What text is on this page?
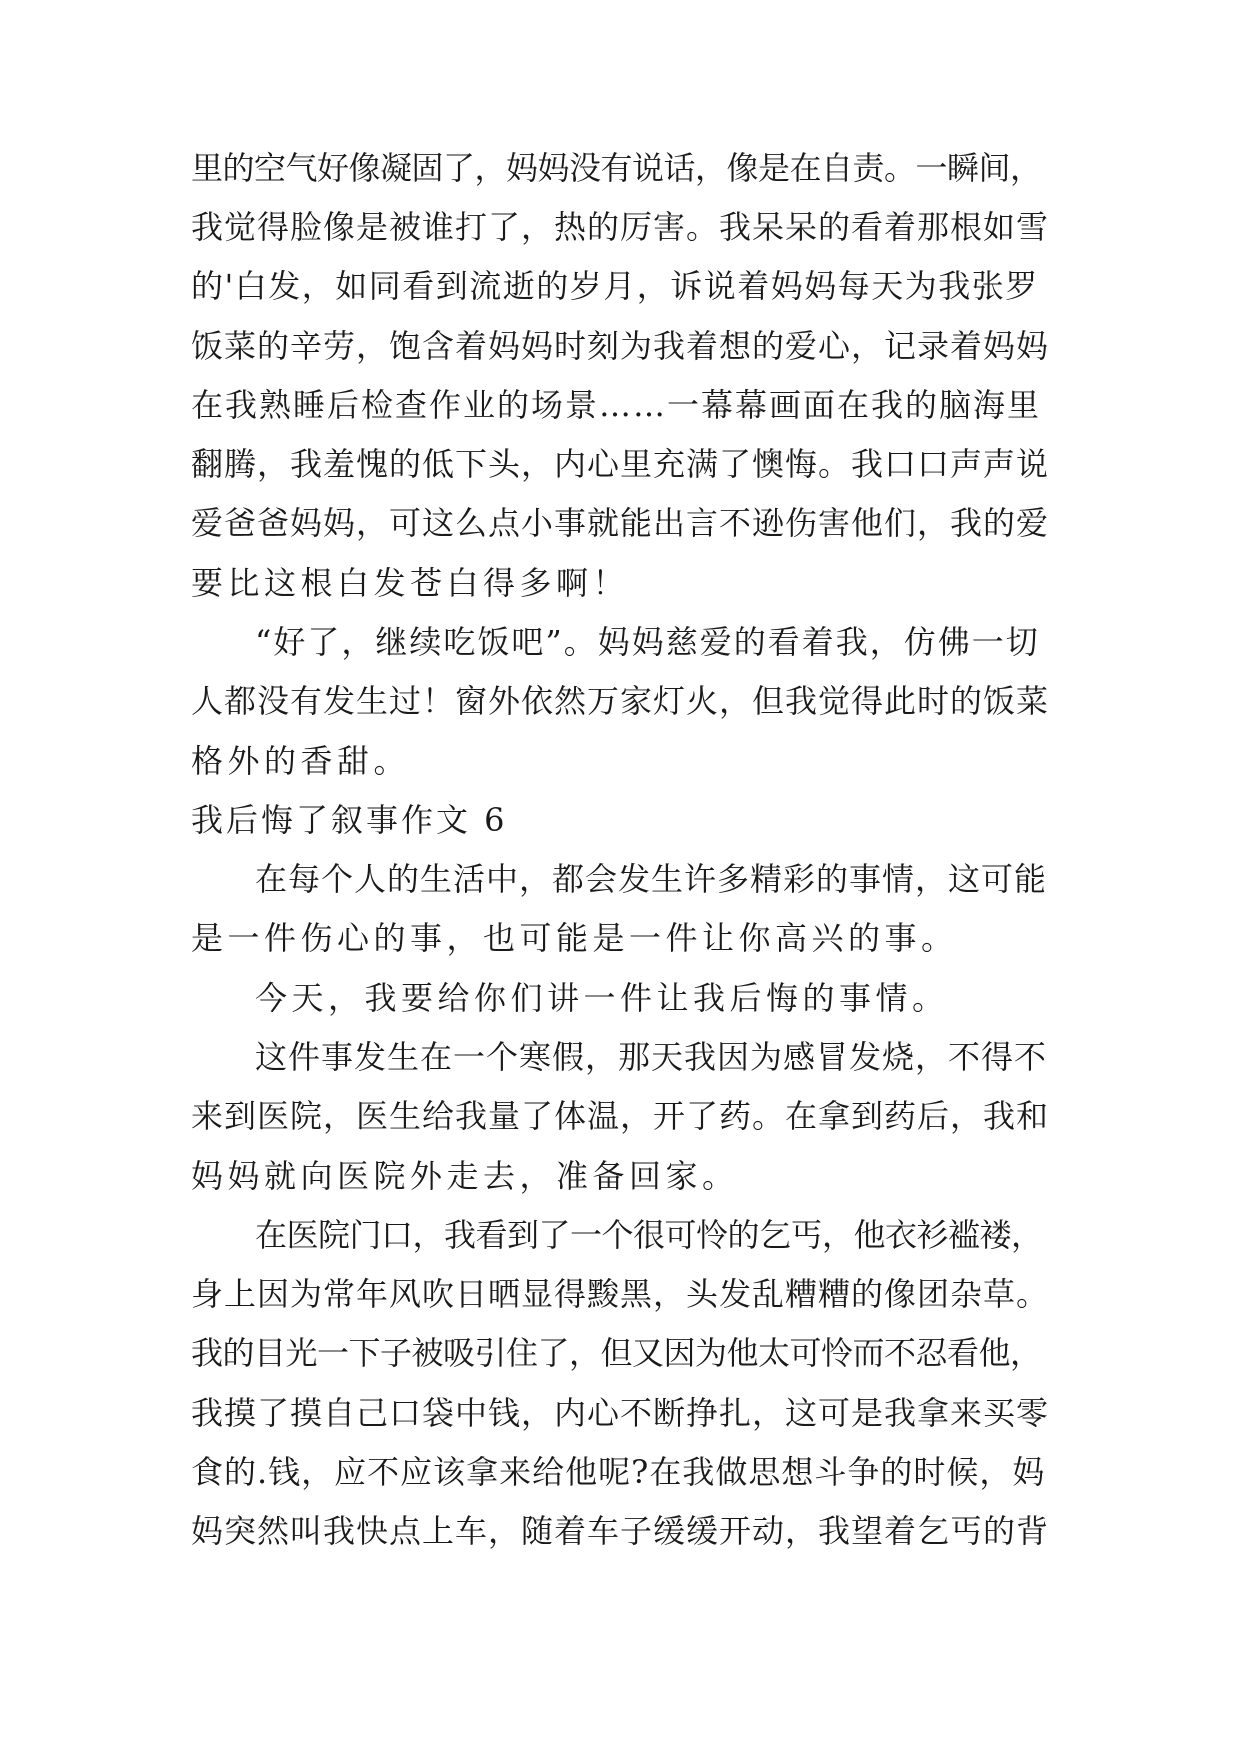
里的空气好像凝固了，妈妈没有说话，像是在自责。一瞬间，
我觉得脸像是被谁打了，热的厉害。我呆呆的看着那根如雪
的'白发，如同看到流逝的岁月，诉说着妈妈每天为我张罗
饭菜的辛劳，饱含着妈妈时刻为我着想的爱心，记录着妈妈
在我熟睡后检查作业的场景……一幕幕画面在我的脑海里
翻腾，我羞愧的低下头，内心里充满了懊悔。我口口声声说
爱爸爸妈妈，可这么点小事就能出言不逊伤害他们，我的爱
要比这根白发苍白得多啊！
“好了，继续吃饭吧”。妈妈慈爱的看着我，仿佛一切
人都没有发生过！窗外依然万家灯火，但我觉得此时的饭菜
格外的香甜。
我后悔了叙事作文 6
在每个人的生活中，都会发生许多精彩的事情，这可能
是一件伤心的事，也可能是一件让你高兴的事。
今天，我要给你们讲一件让我后悔的事情。
这件事发生在一个寒假，那天我因为感冒发烧，不得不
来到医院，医生给我量了体温，开了药。在拿到药后，我和
妈妈就向医院外走去，准备回家。
在医院门口，我看到了一个很可怜的乞丐，他衣衫褴褛，
身上因为常年风吹日晒显得黢黑，头发乱糟糟的像团杂草。
我的目光一下子被吸引住了，但又因为他太可怜而不忍看他，
我摸了摸自己口袋中钱，内心不断挣扎，这可是我拿来买零
食的.钱，应不应该拿来给他呢?在我做思想斗争的时候，妈
妈突然叫我快点上车，随着车子缓缓开动，我望着乞丐的背
